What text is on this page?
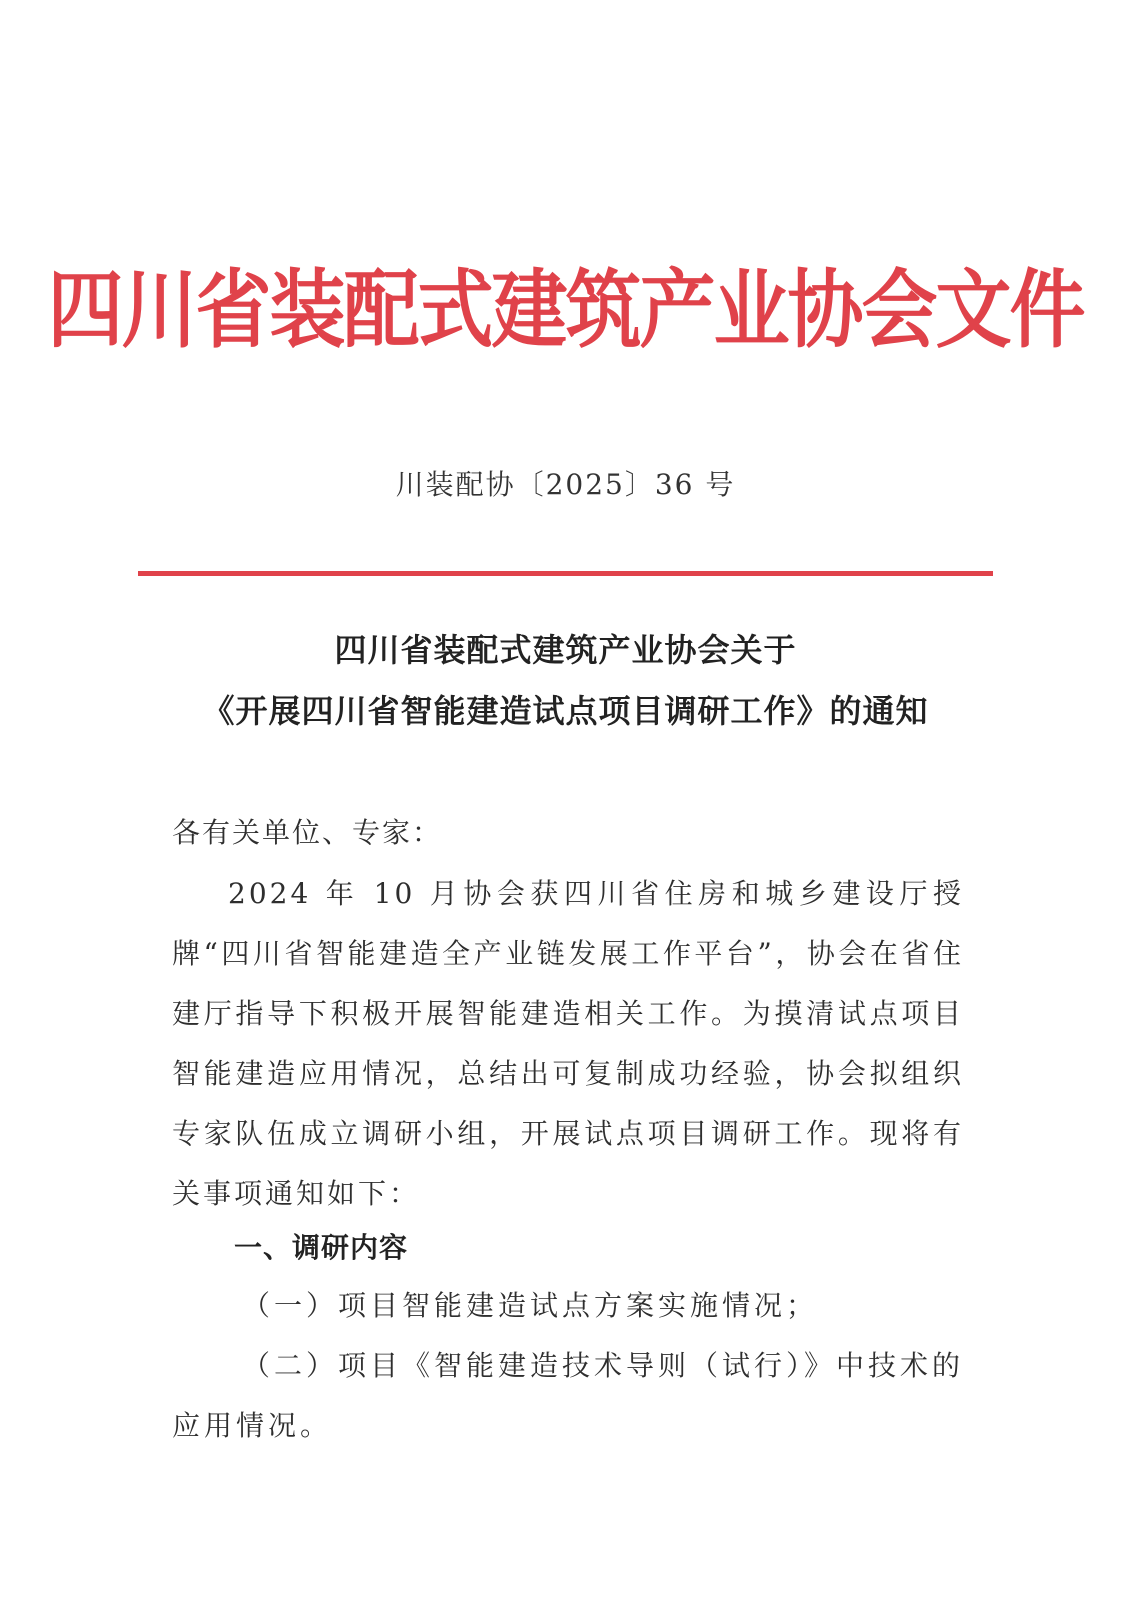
四川省装配式建筑产业协会文件
川装配协〔2025〕36 号
四川省装配式建筑产业协会关于
《开展四川省智能建造试点项目调研工作》的通知
各有关单位、专家：
2024 年 10 月协会获四川省住房和城乡建设厅授牌“四川省智能建造全产业链发展工作平台”，协会在省住建厅指导下积极开展智能建造相关工作。为摸清试点项目智能建造应用情况，总结出可复制成功经验，协会拟组织专家队伍成立调研小组，开展试点项目调研工作。现将有关事项通知如下：
一、调研内容
（一）项目智能建造试点方案实施情况；
（二）项目《智能建造技术导则（试行）》中技术的应用情况。
